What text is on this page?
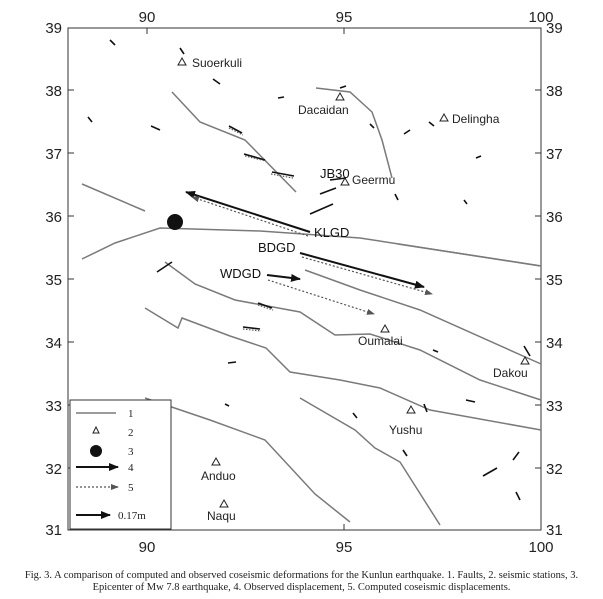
90	95	100
90	95	100
39
38
37
36
35
34
33
32
31
39
38
37
36
35
34
33
32
31
JB30
KLGD
BDGD
WDGD
Suoerkuli
Dacaidan
Delingha
Geermu
Oumalai
Dakou
Yushu
Anduo
Naqu
1
2
3
4
5
0.17m
Fig. 3. A comparison of computed and observed coseismic deformations for the Kunlun earthquake. 1. Faults, 2. seismic stations, 3. Epicenter of Mw 7.8 earthquake, 4. Observed displacement, 5. Computed coseismic displacements.
